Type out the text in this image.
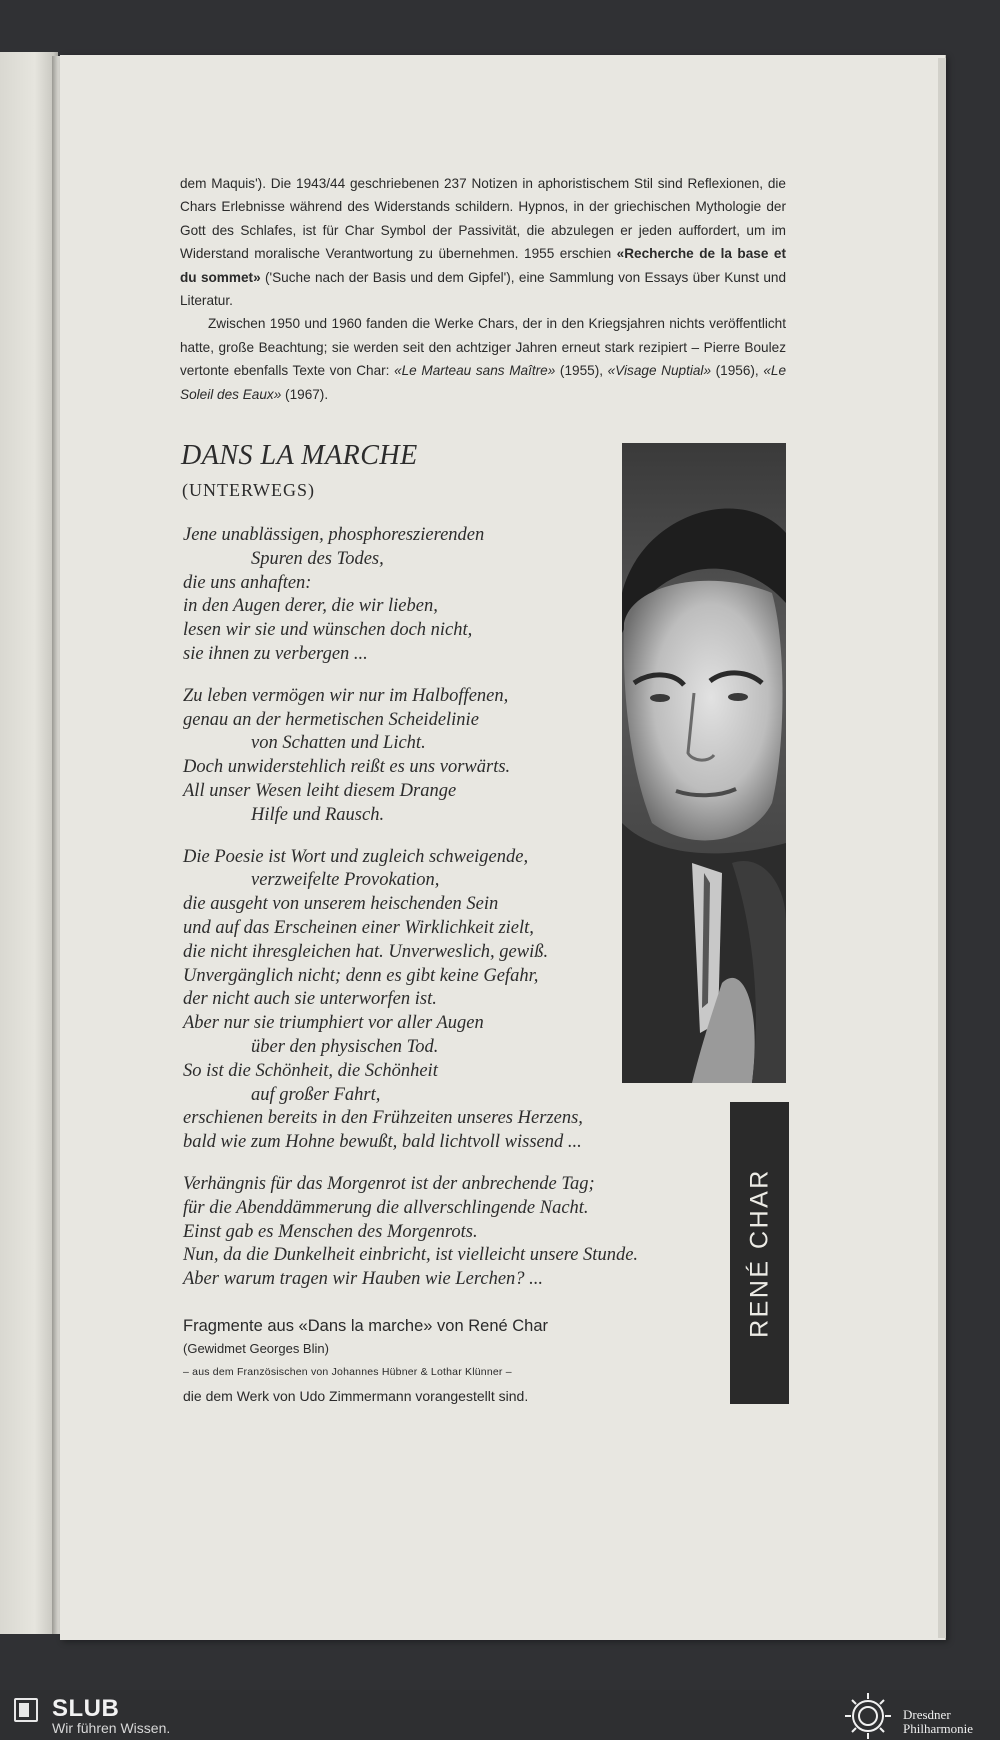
dem Maquis'). Die 1943/44 geschriebenen 237 Notizen in aphoristischem Stil sind Reflexionen, die Chars Erlebnisse während des Widerstands schildern. Hypnos, in der griechischen Mythologie der Gott des Schlafes, ist für Char Symbol der Passivität, die abzulegen er jeden auffordert, um im Widerstand moralische Verantwortung zu übernehmen. 1955 erschien «Recherche de la base et du sommet» ('Suche nach der Basis und dem Gipfel'), eine Sammlung von Essays über Kunst und Literatur.

Zwischen 1950 und 1960 fanden die Werke Chars, der in den Kriegsjahren nichts veröffentlicht hatte, große Beachtung; sie werden seit den achtziger Jahren erneut stark rezipiert – Pierre Boulez vertonte ebenfalls Texte von Char: «Le Marteau sans Maître» (1955), «Visage Nuptial» (1956), «Le Soleil des Eaux» (1967).

DANS LA MARCHE
(UNTERWEGS)
Jene unablässigen, phosphoreszierenden
Spuren des Todes,
die uns anhaften:
in den Augen derer, die wir lieben,
lesen wir sie und wünschen doch nicht,
sie ihnen zu verbergen ...
Zu leben vermögen wir nur im Halboffenen,
genau an der hermetischen Scheidelinie
von Schatten und Licht.
Doch unwiderstehlich reißt es uns vorwärts.
All unser Wesen leiht diesem Drange
Hilfe und Rausch.
Die Poesie ist Wort und zugleich schweigende,
verzweifelte Provokation,
die ausgeht von unserem heischenden Sein
und auf das Erscheinen einer Wirklichkeit zielt,
die nicht ihresgleichen hat. Unverweslich, gewiß.
Unvergänglich nicht; denn es gibt keine Gefahr,
der nicht auch sie unterworfen ist.
Aber nur sie triumphiert vor aller Augen
über den physischen Tod.
So ist die Schönheit, die Schönheit
auf großer Fahrt,
erschienen bereits in den Frühzeiten unseres Herzens,
bald wie zum Hohne bewußt, bald lichtvoll wissend ...
Verhängnis für das Morgenrot ist der anbrechende Tag;
für die Abenddämmerung die allverschlingende Nacht.
Einst gab es Menschen des Morgenrots.
Nun, da die Dunkelheit einbricht, ist vielleicht unsere Stunde.
Aber warum tragen wir Hauben wie Lerchen? ...	RENÉ CHAR
Fragmente aus «Dans la marche» von René Char
(Gewidmet Georges Blin)
– aus dem Französischen von Johannes Hübner & Lothar Klünner –
die dem Werk von Udo Zimmermann vorangestellt sind.
SLUB
Wir führen Wissen.
Dresdner
Philharmonie
